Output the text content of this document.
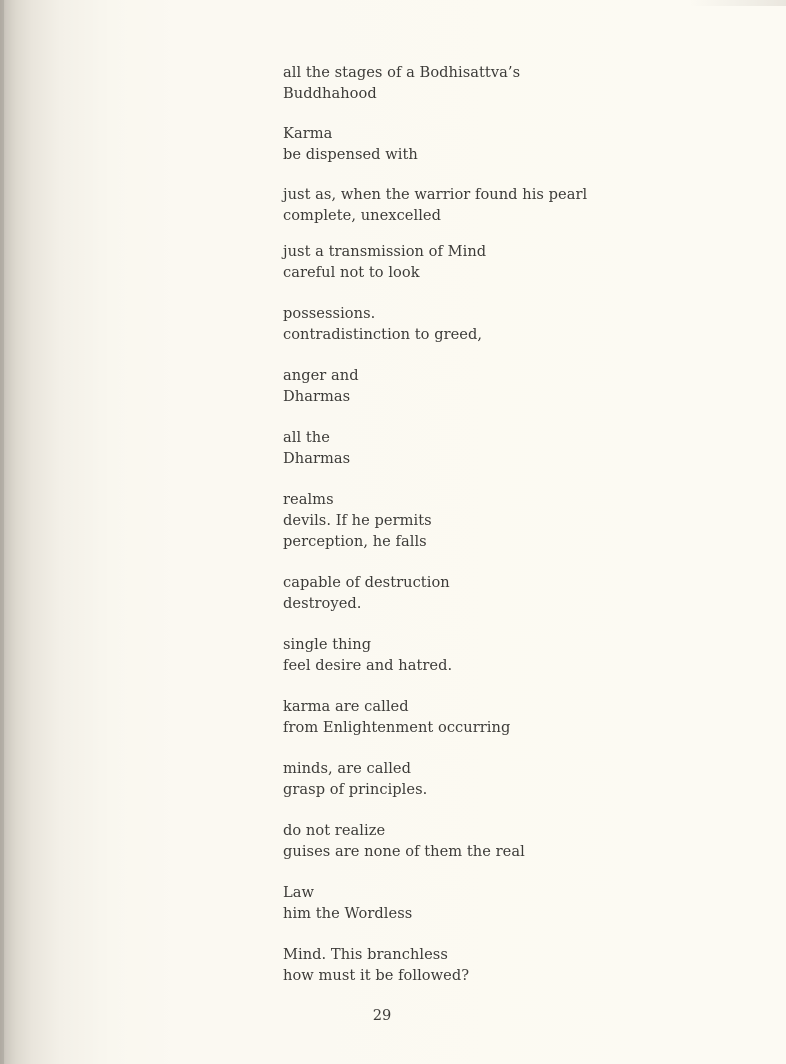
all the stages of a Bodhisattva’s
Buddhahood
Karma
be dispensed with
just as, when the warrior found his pearl
complete, unexcelled
just a transmission of Mind
careful not to look
possessions.
contradistinction to greed,
anger and
Dharmas
all the
Dharmas
realms
devils. If he permits
perception, he falls
capable of destruction
destroyed.
single thing
feel desire and hatred.
karma are called
from Enlightenment occurring
minds, are called
grasp of principles.
do not realize
guises are none of them the real
Law
him the Wordless
Mind. This branchless
how must it be followed?
29
